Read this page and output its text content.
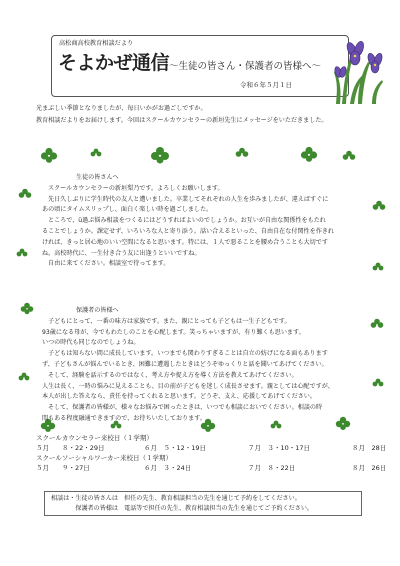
高松商高校教育相談だより
そよかぜ通信～生徒の皆さん・保護者の皆様へ～
令和６年５月１日
光まぶしい季節となりましたが、毎日いかがお過ごしですか。
教育相談だよりをお届けします。今回はスクールカウンセラーの新垣先生にメッセージをいただきました。
生徒の皆さんへ
スクールカウンセラーの新垣梨乃です。よろしくお願いします。
先日久しぶりに学生時代の友人と遭いました。卒業してそれぞれの人生を歩みましたが、違えばすぐに
あの頃にタイムスリップし、面白く楽しい時を過ごしました。
ところで、ü過ぷ悩み相談をつくるにはどうすればよいのでしょうか。お互いが自由な関係性をもたれ
ることでしょうか。課定せず、いろいろな人と寄り添う。話い合えるといった、自由自在な付関性を作きれ
ければ、きっと居心地のいい空間になると思います。特には、１人で悪ることを腰め合うことも大切です
ね。高校時代に、一生付き合う友に出逢うといいですね。
自由に来てください。相談室で待ってます。
保護者の皆様へ
子どもにとって、一番の味方は家族です。また、親にとっても子どもは一生子どもです。
93歳になる母が、今でもわたしのことを心配します。笑っちゃいますが、有り難くも思います。
いつの時代も同じなのでしょうね。
子どもは知らない間に成長しています。いつまでも関わりすぎることは自立の妨げになる面もあります
ず、子どもさんが悩んでいるとき、困難に遭遇したときはどうぞゆっくりと話を聞いてあげてください。
そして、経験を話示するのではなく、考え方や捉え方を導く方法を教えてあげてください。
人生は長く、一時の悩みに見えることも、目の前が子どもを迷しく成長させます。親としては心配ですが、
本人が出した答えなら、責任を持ってくれると思います。どうぞ、支え、応援してあげてください。
そして、保護者の皆様が、様々なお悩みで困ったときは、いつでも相談においでください。相談の時
間もある程度融通できますので、お待ちいたしております。
スクールカウンセラー来校日（１学期）
５月	８・22・29日	６月　５・12・19日	７月　３・10・17日	８月　28日
スクールソーシャルワーカー来校日（１学期）
５月	９・27日	６月　３・24日	７月　８・22日	８月　26日
相談は・生徒の皆さんは　担任の先生、教育相談担当の先生を通じて予約をしてください。
　　　　保護者の皆様は　電話等で担任の先生、教育相談担当の先生を通じてご予約ください。
